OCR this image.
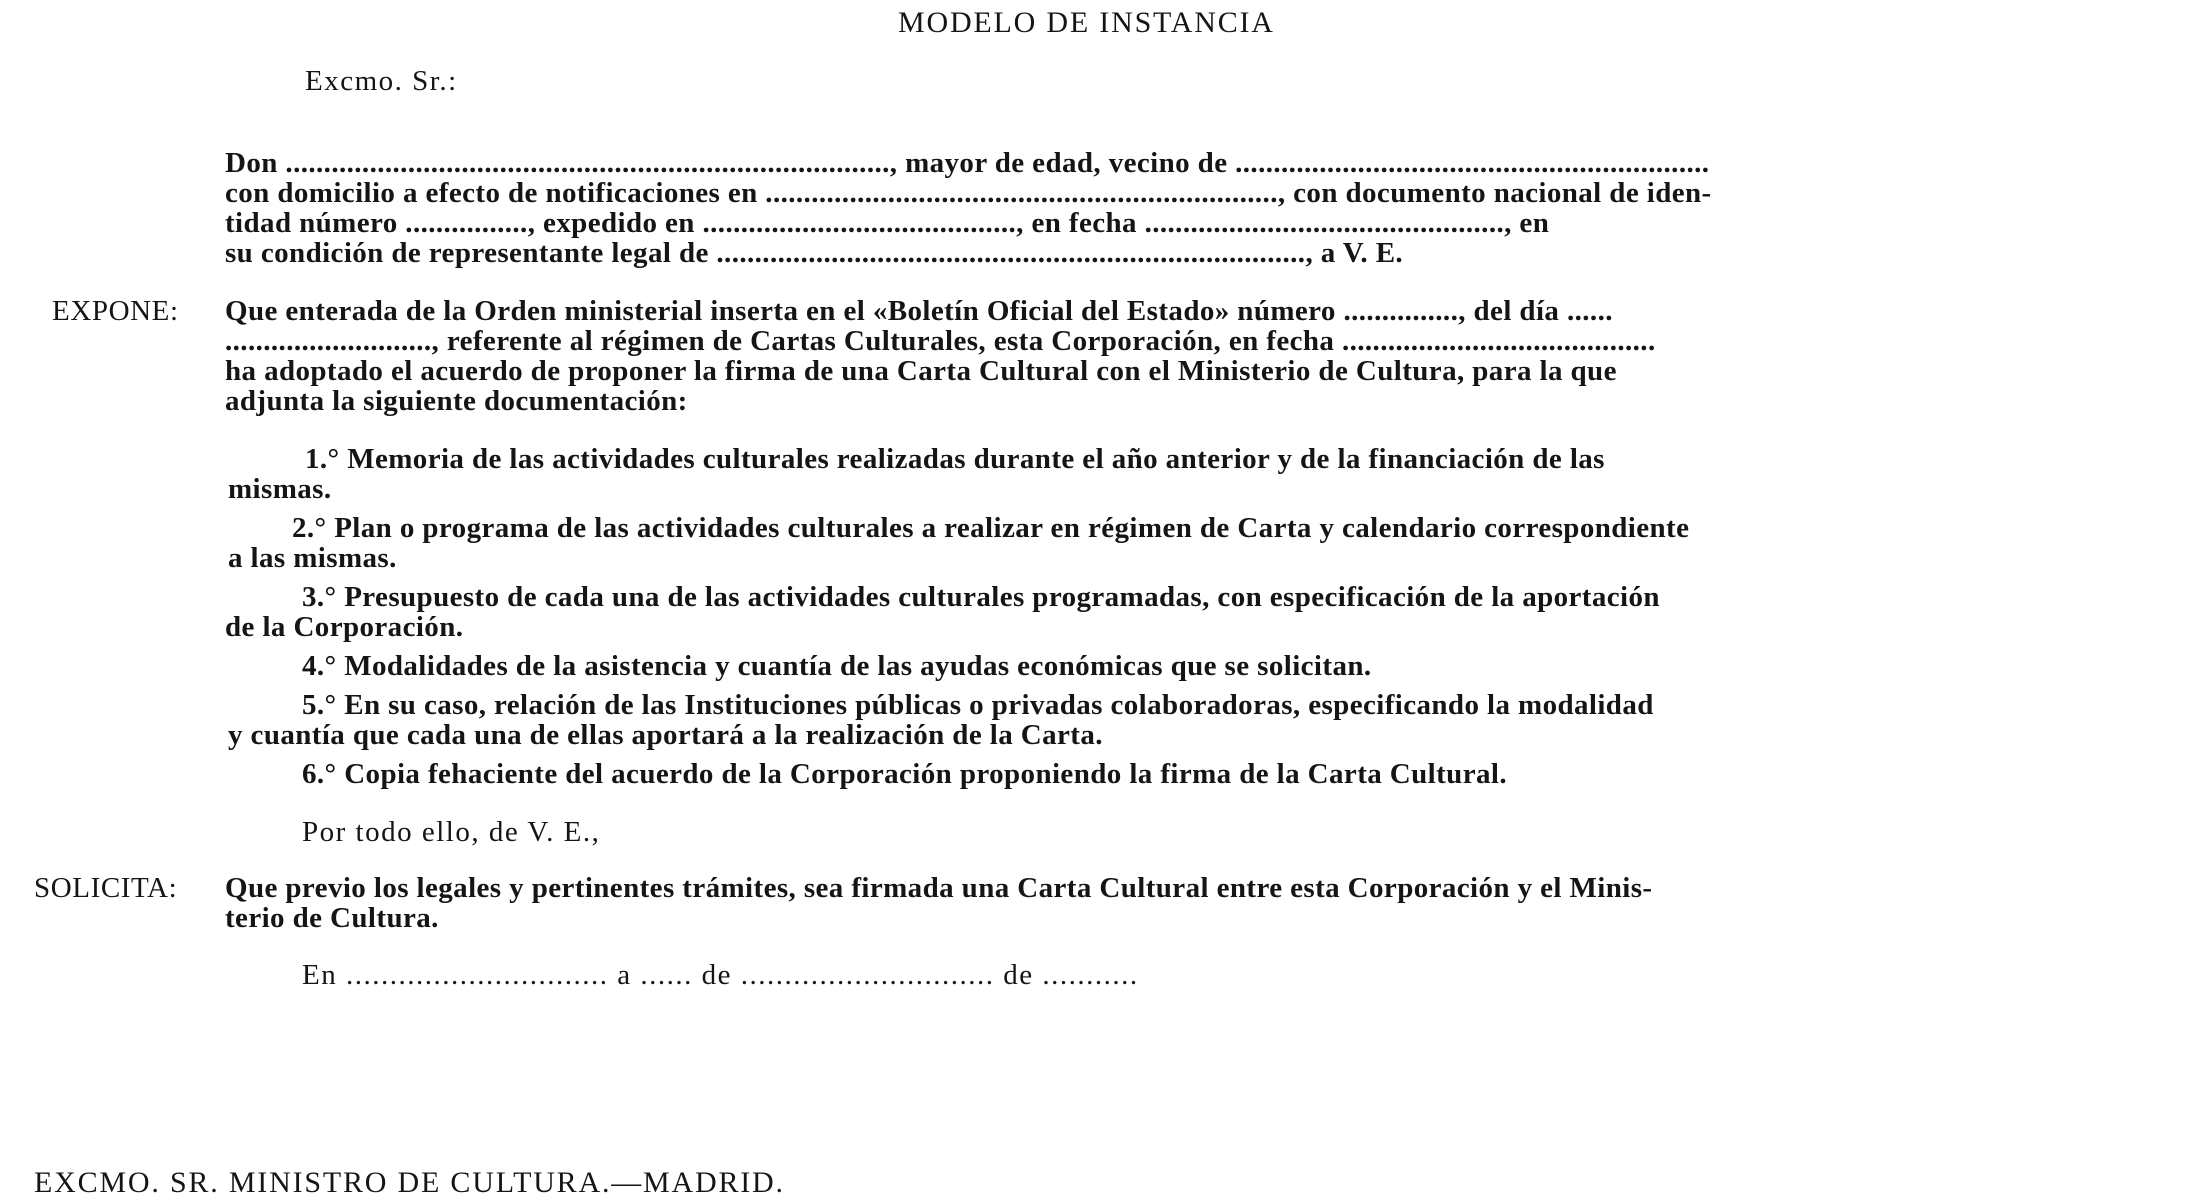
MODELO DE INSTANCIA
Excmo. Sr.:
Don ..............................................................................., mayor de edad, vecino de ..............................................................
con domicilio a efecto de notificaciones en ..................................................................., con documento nacional de iden-
tidad número ................, expedido en ........................................., en fecha ..............................................., en
su condición de representante legal de ............................................................................., a V. E.
EXPONE: Que enterada de la Orden ministerial inserta en el «Boletín Oficial del Estado» número ..............., del día ......
..........................., referente al régimen de Cartas Culturales, esta Corporación, en fecha .........................................
ha adoptado el acuerdo de proponer la firma de una Carta Cultural con el Ministerio de Cultura, para la que
adjunta la siguiente documentación:
1.° Memoria de las actividades culturales realizadas durante el año anterior y de la financiación de las
mismas.
2.° Plan o programa de las actividades culturales a realizar en régimen de Carta y calendario correspondiente
a las mismas.
3.° Presupuesto de cada una de las actividades culturales programadas, con especificación de la aportación
de la Corporación.
4.° Modalidades de la asistencia y cuantía de las ayudas económicas que se solicitan.
5.° En su caso, relación de las Instituciones públicas o privadas colaboradoras, especificando la modalidad
y cuantía que cada una de ellas aportará a la realización de la Carta.
6.° Copia fehaciente del acuerdo de la Corporación proponiendo la firma de la Carta Cultural.
Por todo ello, de V. E.,
SOLICITA: Que previo los legales y pertinentes trámites, sea firmada una Carta Cultural entre esta Corporación y el Minis-
terio de Cultura.
En .............................. a ...... de ............................. de ...........
EXCMO. SR. MINISTRO DE CULTURA.—MADRID.
